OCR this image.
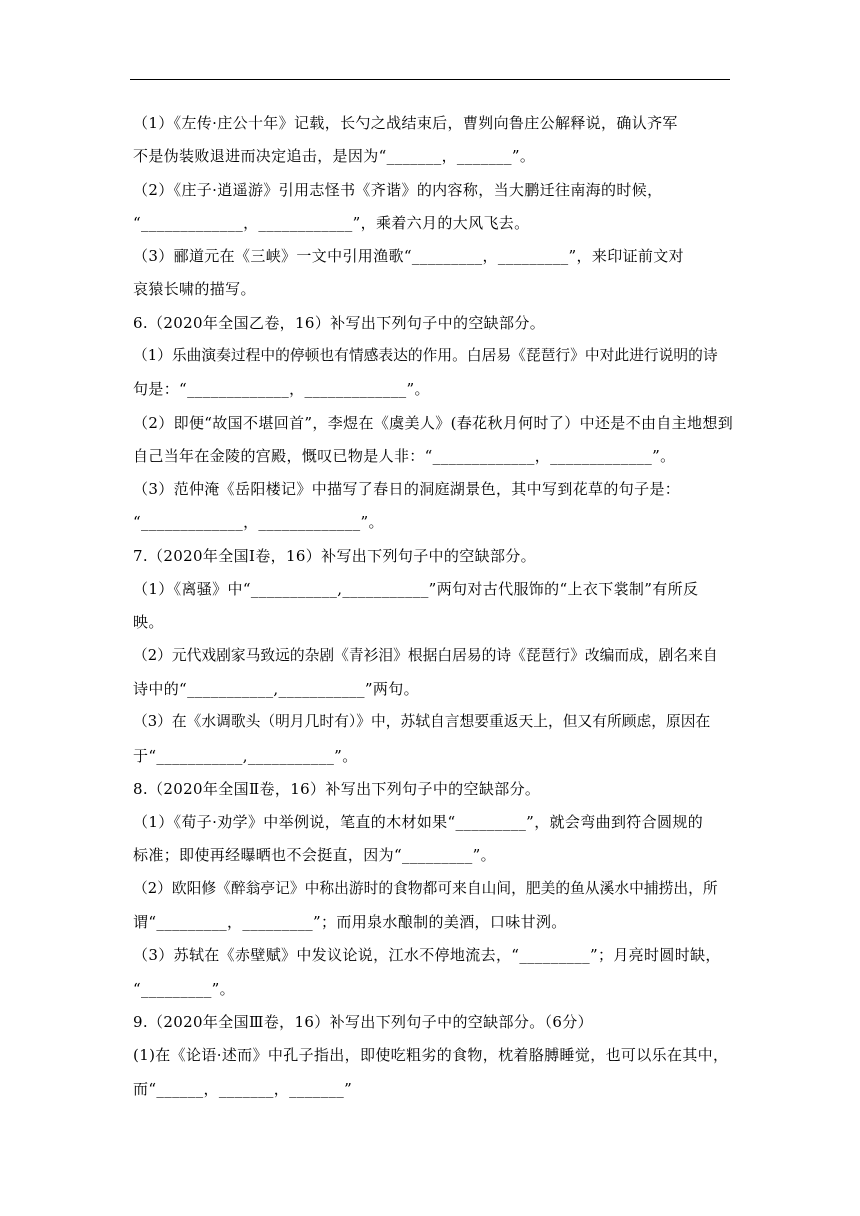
（1）《左传·庄公十年》记载，长勺之战结束后，曹刿向鲁庄公解释说，确认齐军
不是伪装败退进而决定追击，是因为“_______，_______”。
（2）《庄子·逍遥游》引用志怪书《齐谐》的内容称，当大鹏迁往南海的时候，
“_____________，____________”，乘着六月的大风飞去。
（3）郦道元在《三峡》一文中引用渔歌“_________，_________”，来印证前文对
哀猿长啸的描写。
6.（2020年全国乙卷，16）补写出下列句子中的空缺部分。
（1）乐曲演奏过程中的停顿也有情感表达的作用。白居易《琵琶行》中对此进行说明的诗
句是：“_____________，_____________”。
（2）即便“故国不堪回首”，李煜在《虞美人》(春花秋月何时了）中还是不由自主地想到
自己当年在金陵的宫殿，慨叹已物是人非：“_____________，_____________”。
（3）范仲淹《岳阳楼记》中描写了春日的洞庭湖景色，其中写到花草的句子是：
“_____________，_____________”。
7.（2020年全国Ⅰ卷，16）补写出下列句子中的空缺部分。
（1）《离骚》中“___________,___________”两句对古代服饰的“上衣下裳制”有所反
映。
（2）元代戏剧家马致远的杂剧《青衫泪》根据白居易的诗《琵琶行》改编而成，剧名来自
诗中的“___________,___________”两句。
（3）在《水调歌头（明月几时有）》中，苏轼自言想要重返天上，但又有所顾虑，原因在
于“___________,___________”。
8.（2020年全国Ⅱ卷，16）补写出下列句子中的空缺部分。
（1）《荀子·劝学》中举例说，笔直的木材如果“_________”，就会弯曲到符合圆规的
标准；即使再经曝晒也不会挺直，因为“_________”。
（2）欧阳修《醉翁亭记》中称出游时的食物都可来自山间，肥美的鱼从溪水中捕捞出，所
谓“_________，_________”；而用泉水酿制的美酒，口味甘洌。
（3）苏轼在《赤壁赋》中发议论说，江水不停地流去，“_________”；月亮时圆时缺，
“_________”。
9.（2020年全国Ⅲ卷，16）补写出下列句子中的空缺部分。（6分）
(1)在《论语·述而》中孔子指出，即使吃粗劣的食物，枕着胳膊睡觉，也可以乐在其中，
而“______，_______，_______”
